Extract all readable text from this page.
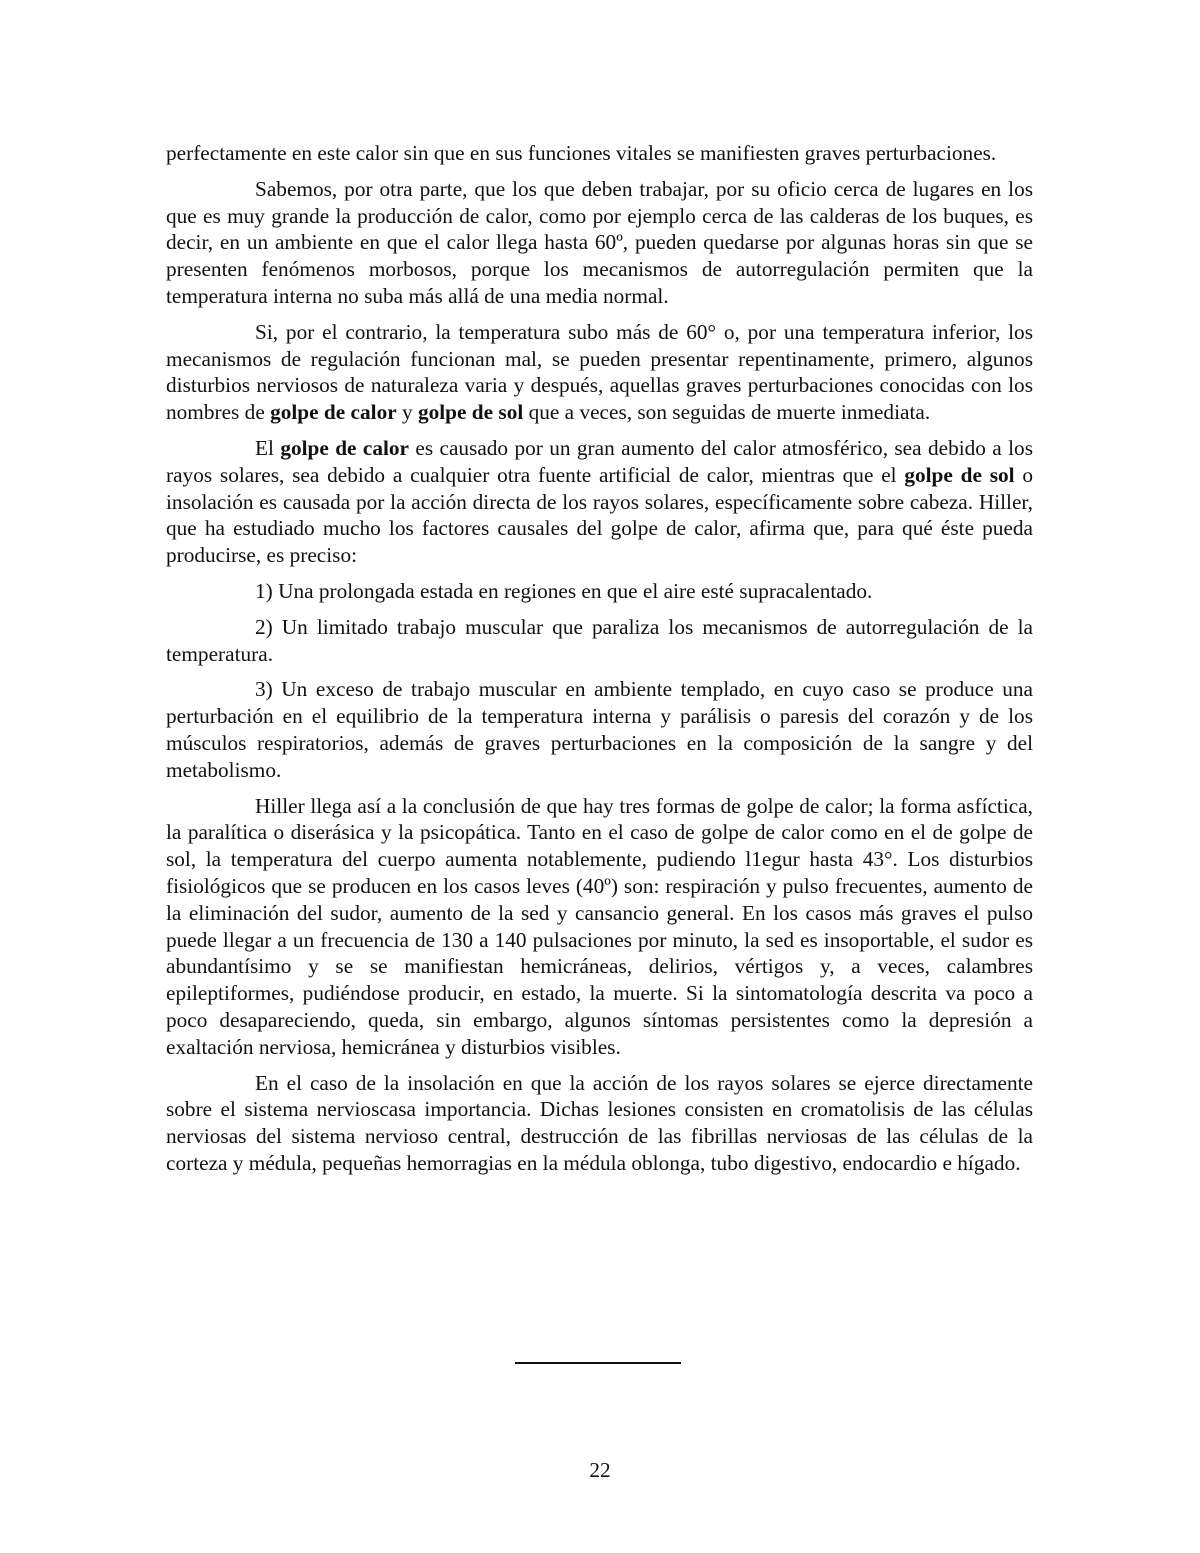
perfectamente en este calor sin que en sus funciones vitales se manifiesten graves perturbaciones.

Sabemos, por otra parte, que los que deben trabajar, por su oficio cerca de lugares en los que es muy grande la producción de calor, como por ejemplo cerca de las calderas de los buques, es decir, en un ambiente en que el calor llega hasta 60º, pueden quedarse por algunas horas sin que se presenten fenómenos morbosos, porque los mecanismos de autorregulación permiten que la temperatura interna no suba más allá de una media normal.

Si, por el contrario, la temperatura subo más de 60° o, por una temperatura inferior, los mecanismos de regulación funcionan mal, se pueden presentar repentinamente, primero, algunos disturbios nerviosos de naturaleza varia y después, aquellas graves perturbaciones conocidas con los nombres de golpe de calor y golpe de sol que a veces, son seguidas de muerte inmediata.

El golpe de calor es causado por un gran aumento del calor atmosférico, sea debido a los rayos solares, sea debido a cualquier otra fuente artificial de calor, mientras que el golpe de sol o insolación es causada por la acción directa de los rayos solares, específicamente sobre cabeza. Hiller, que ha estudiado mucho los factores causales del golpe de calor, afirma que, para qué éste pueda producirse, es preciso:

1) Una prolongada estada en regiones en que el aire esté supracalentado.

2) Un limitado trabajo muscular que paraliza los mecanismos de autorregulación de la temperatura.

3) Un exceso de trabajo muscular en ambiente templado, en cuyo caso se produce una perturbación en el equilibrio de la temperatura interna y parálisis o paresis del corazón y de los músculos respiratorios, además de graves perturbaciones en la composición de la sangre y del metabolismo.

Hiller llega así a la conclusión de que hay tres formas de golpe de calor; la forma asfíctica, la paralítica o diserásica y la psicopática. Tanto en el caso de golpe de calor como en el de golpe de sol, la temperatura del cuerpo aumenta notablemente, pudiendo l1egur hasta 43°. Los disturbios fisiológicos que se producen en los casos leves (40º) son: respiración y pulso frecuentes, aumento de la eliminación del sudor, aumento de la sed y cansancio general. En los casos más graves el pulso puede llegar a un frecuencia de 130 a 140 pulsaciones por minuto, la sed es insoportable, el sudor es abundantísimo y se se manifiestan hemicráneas, delirios, vértigos y, a veces, calambres epileptiformes, pudiéndose producir, en estado, la muerte. Si la sintomatología descrita va poco a poco desapareciendo, queda, sin embargo, algunos síntomas persistentes como la depresión a exaltación nerviosa, hemicránea y disturbios visibles.

En el caso de la insolación en que la acción de los rayos solares se ejerce directamente sobre el sistema nervioscasa importancia. Dichas lesiones consisten en cromatolisis de las células nerviosas del sistema nervioso central, destrucción de las fibrillas nerviosas de las células de la corteza y médula, pequeñas hemorragias en la médula oblonga, tubo digestivo, endocardio e hígado.

22
